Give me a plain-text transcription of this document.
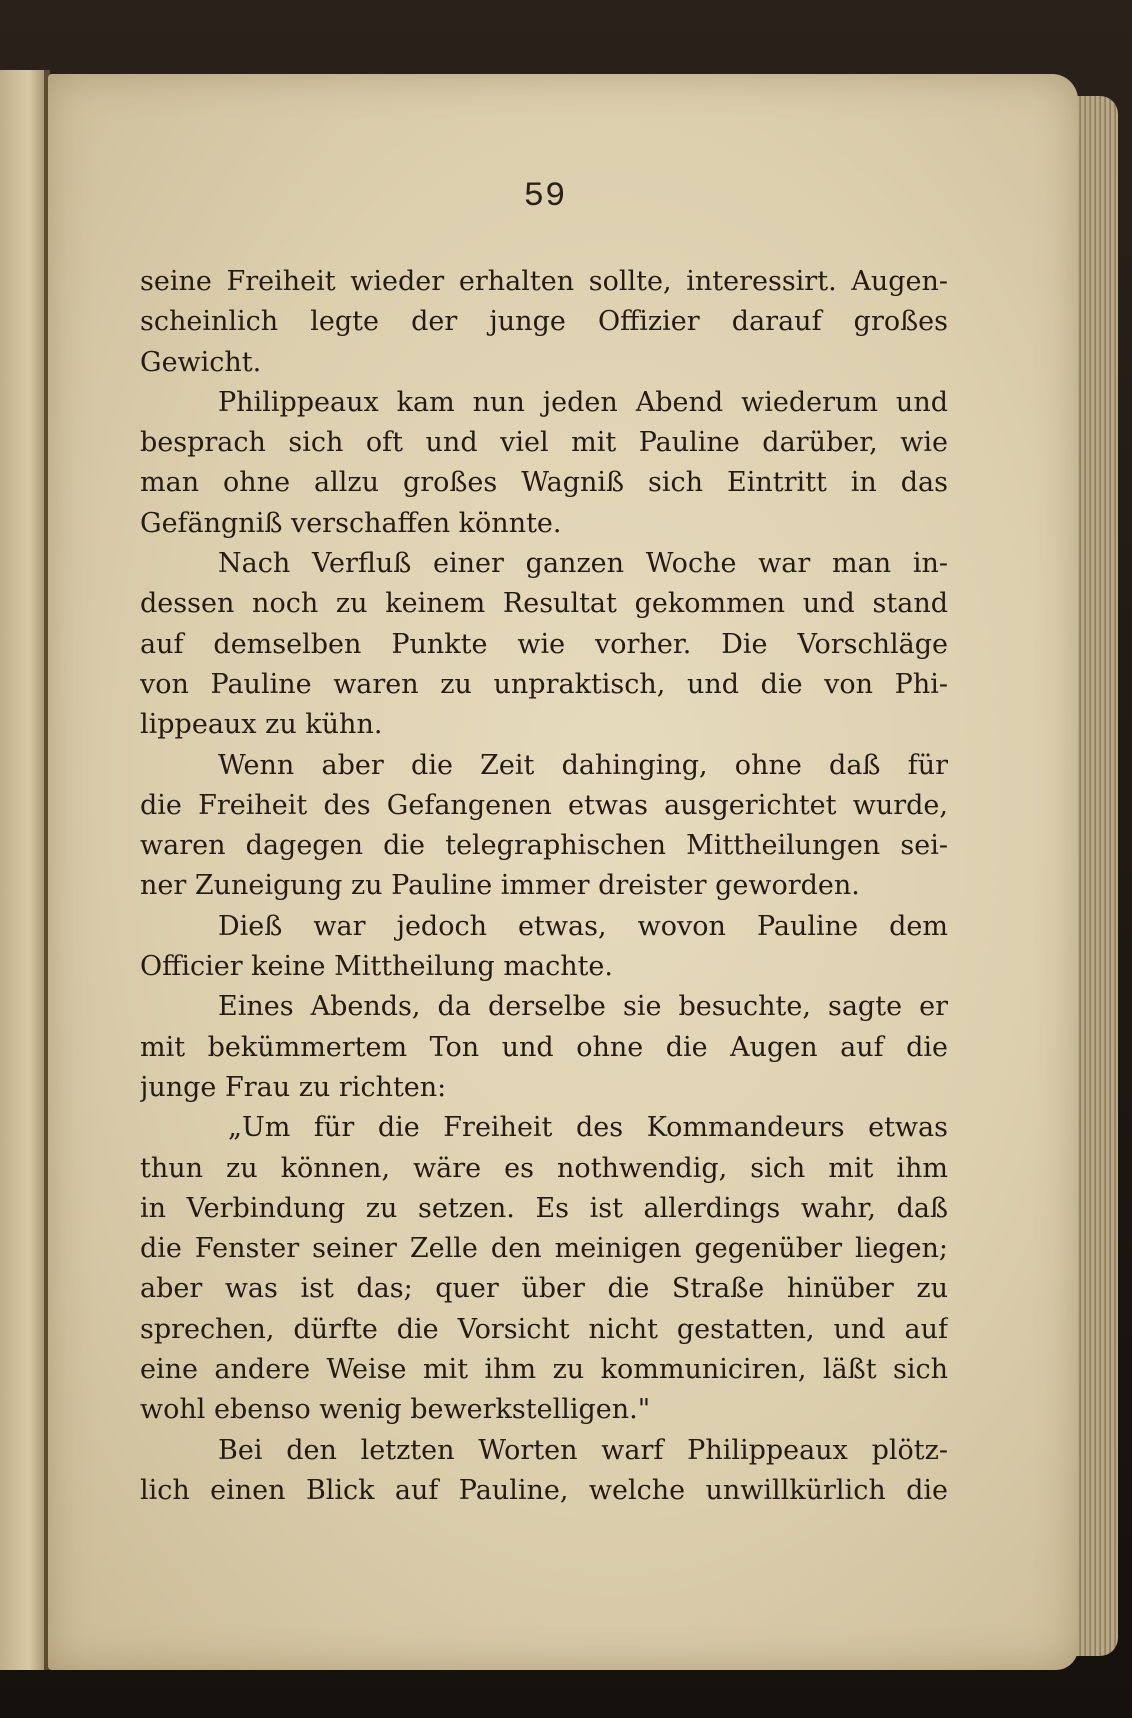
59
seine Freiheit wieder erhalten sollte, interessirt. Augen-
scheinlich legte der junge Offizier darauf großes
Gewicht.
Philippeaux kam nun jeden Abend wiederum und
besprach sich oft und viel mit Pauline darüber, wie
man ohne allzu großes Wagniß sich Eintritt in das
Gefängniß verschaffen könnte.
Nach Verfluß einer ganzen Woche war man in-
dessen noch zu keinem Resultat gekommen und stand
auf demselben Punkte wie vorher. Die Vorschläge
von Pauline waren zu unpraktisch, und die von Phi-
lippeaux zu kühn.
Wenn aber die Zeit dahinging, ohne daß für
die Freiheit des Gefangenen etwas ausgerichtet wurde,
waren dagegen die telegraphischen Mittheilungen sei-
ner Zuneigung zu Pauline immer dreister geworden.
Dieß war jedoch etwas, wovon Pauline dem
Officier keine Mittheilung machte.
Eines Abends, da derselbe sie besuchte, sagte er
mit bekümmertem Ton und ohne die Augen auf die
junge Frau zu richten:
„Um für die Freiheit des Kommandeurs etwas
thun zu können, wäre es nothwendig, sich mit ihm
in Verbindung zu setzen. Es ist allerdings wahr, daß
die Fenster seiner Zelle den meinigen gegenüber liegen;
aber was ist das; quer über die Straße hinüber zu
sprechen, dürfte die Vorsicht nicht gestatten, und auf
eine andere Weise mit ihm zu kommuniciren, läßt sich
wohl ebenso wenig bewerkstelligen."
Bei den letzten Worten warf Philippeaux plötz-
lich einen Blick auf Pauline, welche unwillkürlich die
